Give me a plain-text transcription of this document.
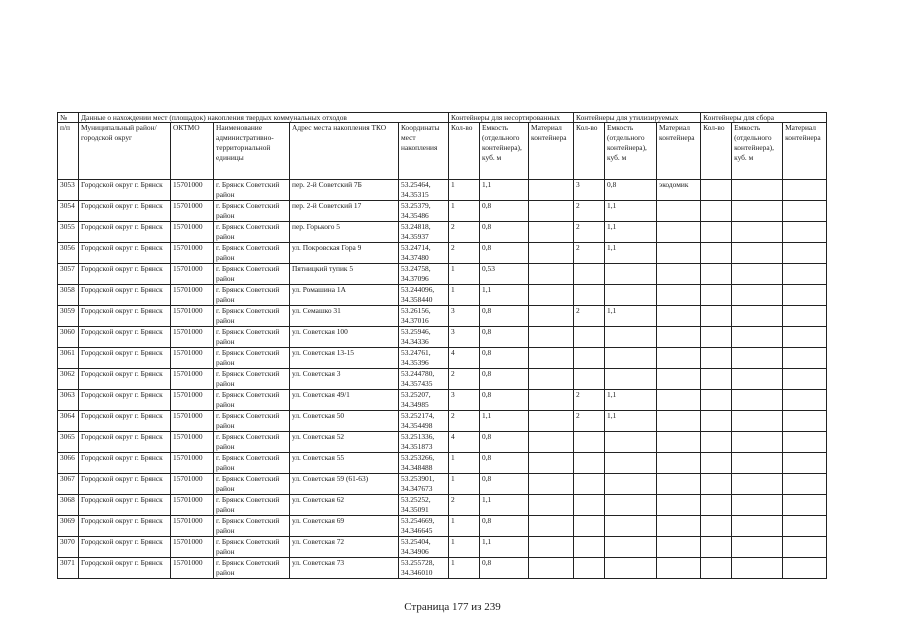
№	Данные о нахождении мест (площадок) накопления твердых коммунальных отходов					Контейнеры для несортированных			Контейнеры для утилизируемых			Контейнеры для сбора		
п/п	Муниципальный район/городской округ	ОКТМО	Наименование административно-территориальной единицы	Адрес места накопления ТКО	Координаты мест накопления	Кол-во	Емкость (отдельного контейнера), куб. м	Материал контейнера	Кол-во	Емкость (отдельного контейнера), куб. м	Материал контейнера	Кол-во	Емкость (отдельного контейнера), куб. м	Материал контейнера
3053	Городской округ г. Брянск	15701000	г. Брянск Советский район	пер. 2-й Советский 7Б	53.25464, 34.35315	1	1,1		3	0,8	экодомик			
3054	Городской округ г. Брянск	15701000	г. Брянск Советский район	пер. 2-й Советский 17	53.25379, 34.35486	1	0,8		2	1,1				
3055	Городской округ г. Брянск	15701000	г. Брянск Советский район	пер. Горького 5	53.24818, 34.35937	2	0,8		2	1,1				
3056	Городской округ г. Брянск	15701000	г. Брянск Советский район	ул. Покровская Гора 9	53.24714, 34.37480	2	0,8		2	1,1				
3057	Городской округ г. Брянск	15701000	г. Брянск Советский район	Пятницкий тупик 5	53.24758, 34.37096	1	0,53							
3058	Городской округ г. Брянск	15701000	г. Брянск Советский район	ул. Ромашина 1А	53.244096, 34.358440	1	1,1							
3059	Городской округ г. Брянск	15701000	г. Брянск Советский район	ул. Семашко 31	53.26156, 34.37016	3	0,8		2	1,1				
3060	Городской округ г. Брянск	15701000	г. Брянск Советский район	ул. Советская 100	53.25946, 34.34336	3	0,8							
3061	Городской округ г. Брянск	15701000	г. Брянск Советский район	ул. Советская 13-15	53.24761, 34.35396	4	0,8							
3062	Городской округ г. Брянск	15701000	г. Брянск Советский район	ул. Советская 3	53.244780, 34.357435	2	0,8							
3063	Городской округ г. Брянск	15701000	г. Брянск Советский район	ул. Советская 49/1	53.25207, 34.34985	3	0,8		2	1,1				
3064	Городской округ г. Брянск	15701000	г. Брянск Советский район	ул. Советская 50	53.252174, 34.354498	2	1,1		2	1,1				
3065	Городской округ г. Брянск	15701000	г. Брянск Советский район	ул. Советская 52	53.251336, 34.351873	4	0,8							
3066	Городской округ г. Брянск	15701000	г. Брянск Советский район	ул. Советская 55	53.253266, 34.348488	1	0,8							
3067	Городской округ г. Брянск	15701000	г. Брянск Советский район	ул. Советская 59 (61-63)	53.253901, 34.347673	1	0,8							
3068	Городской округ г. Брянск	15701000	г. Брянск Советский район	ул. Советская 62	53.25252, 34.35091	2	1,1							
3069	Городской округ г. Брянск	15701000	г. Брянск Советский район	ул. Советская 69	53.254669, 34.346645	1	0,8							
3070	Городской округ г. Брянск	15701000	г. Брянск Советский район	ул. Советская 72	53.25404, 34.34906	1	1,1							
3071	Городской округ г. Брянск	15701000	г. Брянск Советский район	ул. Советская 73	53.255728, 34.346010	1	0,8							
Страница 177 из 239
